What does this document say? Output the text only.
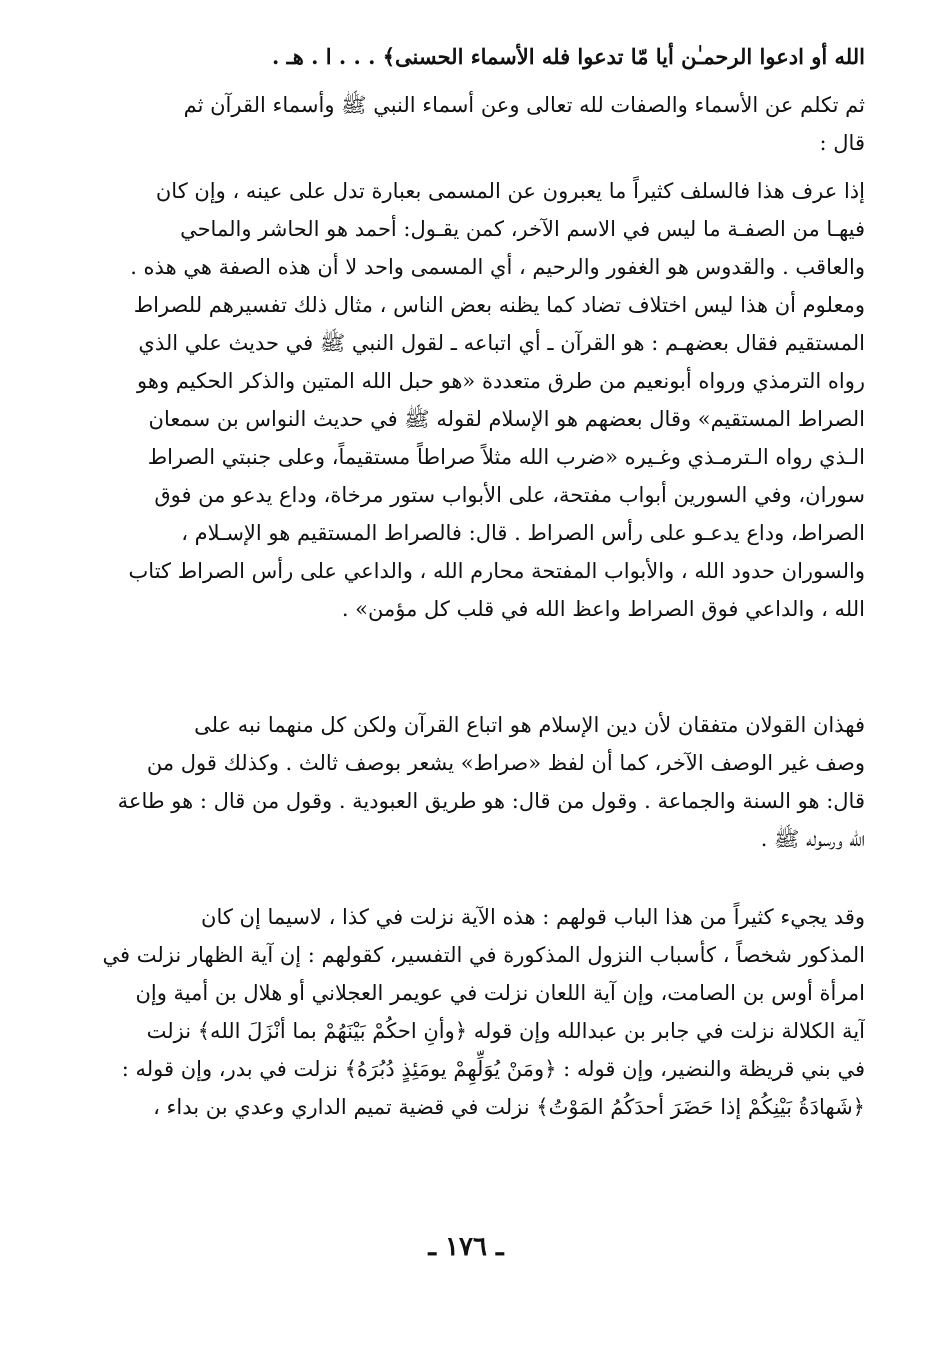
الله أو ادعوا الرحمـٰن أيا مّا تدعوا فله الأسماء الحسنى﴾ . . . ا . هـ .
ثم تكلم عن الأسماء والصفات لله تعالى وعن أسماء النبي ﷺ وأسماء القرآن ثم
قال :
إذا عرف هذا فالسلف كثيراً ما يعبرون عن المسمى بعبارة تدل على عينه ، وإن كان
فيهـا من الصفـة ما ليس في الاسم الآخر، كمن يقـول: أحمد هو الحاشر والماحي
والعاقب . والقدوس هو الغفور والرحيم ، أي المسمى واحد لا أن هذه الصفة هي هذه .
ومعلوم أن هذا ليس اختلاف تضاد كما يظنه بعض الناس ، مثال ذلك تفسيرهم للصراط
المستقيم فقال بعضهـم : هو القرآن ـ أي اتباعه ـ لقول النبي ﷺ في حديث علي الذي
رواه الترمذي ورواه أبونعيم من طرق متعددة «هو حبل الله المتين والذكر الحكيم وهو
الصراط المستقيم» وقال بعضهم هو الإسلام لقوله ﷺ في حديث النواس بن سمعان
الـذي رواه الـترمـذي وغـيره «ضرب الله مثلاً صراطاً مستقيماً، وعلى جنبتي الصراط
سوران، وفي السورين أبواب مفتحة، على الأبواب ستور مرخاة، وداع يدعو من فوق
الصراط، وداع يدعـو على رأس الصراط . قال: فالصراط المستقيم هو الإسـلام ،
والسوران حدود الله ، والأبواب المفتحة محارم الله ، والداعي على رأس الصراط كتاب
الله ، والداعي فوق الصراط واعظ الله في قلب كل مؤمن» .
فهذان القولان متفقان لأن دين الإسلام هو اتباع القرآن ولكن كل منهما نبه على
وصف غير الوصف الآخر، كما أن لفظ «صراط» يشعر بوصف ثالث . وكذلك قول من
قال: هو السنة والجماعة . وقول من قال: هو طريق العبودية . وقول من قال : هو طاعة
الله ورسوله ﷺ .
وقد يجيء كثيراً من هذا الباب قولهم : هذه الآية نزلت في كذا ، لاسيما إن كان
المذكور شخصاً ، كأسباب النزول المذكورة في التفسير، كقولهم : إن آية الظهار نزلت في
امرأة أوس بن الصامت، وإن آية اللعان نزلت في عويمر العجلاني أو هلال بن أمية وإن
آية الكلالة نزلت في جابر بن عبدالله وإن قوله ﴿وأنِ احكُمْ بَيْنَهُمْ بما أنْزَلَ الله﴾ نزلت
في بني قريظة والنضير، وإن قوله : ﴿ومَنْ يُوَلِّهِمْ يومَئِذٍ دُبُرَهُ﴾ نزلت في بدر، وإن قوله :
﴿شَهادَةُ بَيْنِكُمْ إذا حَضَرَ أحدَكُمُ المَوْتُ﴾ نزلت في قضية تميم الداري وعدي بن بداء ،
ـ ١٧٦ ـ
